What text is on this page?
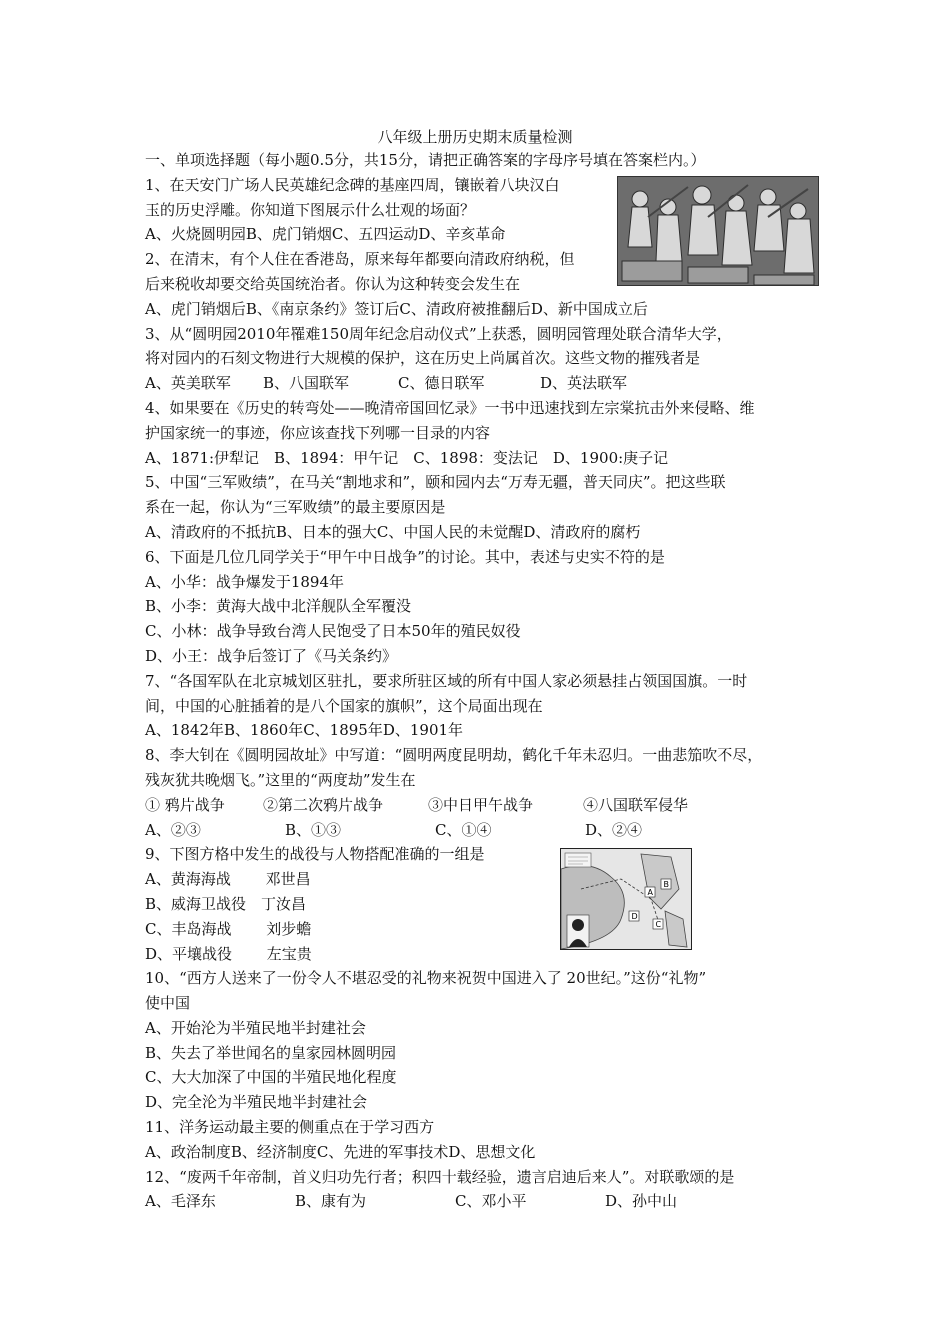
八年级上册历史期末质量检测
一、单项选择题（每小题0.5分，共15分，请把正确答案的字母序号填在答案栏内。）
1、在天安门广场人民英雄纪念碑的基座四周，镶嵌着八块汉白
玉的历史浮雕。你知道下图展示什么壮观的场面？
A、火烧圆明园B、虎门销烟C、五四运动D、辛亥革命
2、在清末，有个人住在香港岛，原来每年都要向清政府纳税，但
后来税收却要交给英国统治者。你认为这种转变会发生在
A、虎门销烟后B、《南京条约》签订后C、清政府被推翻后D、新中国成立后
3、从“圆明园2010年罹难150周年纪念启动仪式”上获悉，圆明园管理处联合清华大学，
将对园内的石刻文物进行大规模的保护，这在历史上尚属首次。这些文物的摧残者是
A、英美联军 B、八国联军	C、德日联军	D、英法联军
4、如果要在《历史的转弯处——晚清帝国回忆录》一书中迅速找到左宗棠抗击外来侵略、维
护国家统一的事迹，你应该查找下列哪一目录的内容
A、1871:伊犁记　B、1894：甲午记　C、1898：变法记　D、1900:庚子记
5、中国“三军败绩”，在马关“割地求和”，颐和园内去“万寿无疆，普天同庆”。把这些联
系在一起，你认为“三军败绩”的最主要原因是
A、清政府的不抵抗B、日本的强大C、中国人民的未觉醒D、清政府的腐朽
6、下面是几位几同学关于“甲午中日战争”的讨论。其中，表述与史实不符的是
A、小华：战争爆发于1894年
B、小李：黄海大战中北洋舰队全军覆没
C、小林：战争导致台湾人民饱受了日本50年的殖民奴役
D、小王：战争后签订了《马关条约》
7、“各国军队在北京城划区驻扎，要求所驻区域的所有中国人家必须悬挂占领国国旗。一时
间，中国的心脏插着的是八个国家的旗帜”，这个局面出现在
A、1842年B、1860年C、1895年D、1901年
8、李大钊在《圆明园故址》中写道：“圆明两度昆明劫，鹤化千年未忍归。一曲悲笳吹不尽，
残灰犹共晚烟飞。”这里的“两度劫”发生在
① 鸦片战争	②第二次鸦片战争	③中日甲午战争	④八国联军侵华
A、②③	B、①③	C、①④	D、②④
9、下图方格中发生的战役与人物搭配准确的一组是
A、黄海海战　　 邓世昌
B、威海卫战役　丁汝昌
C、丰岛海战　　 刘步蟾
D、平壤战役　　 左宝贵
10、“西方人送来了一份令人不堪忍受的礼物来祝贺中国进入了 20世纪。”这份“礼物”
使中国
A、开始沦为半殖民地半封建社会
B、失去了举世闻名的皇家园林圆明园
C、大大加深了中国的半殖民地化程度
D、完全沦为半殖民地半封建社会
11、洋务运动最主要的侧重点在于学习西方
A、政治制度B、经济制度C、先进的军事技术D、思想文化
12、“废两千年帝制，首义归功先行者；积四十载经验，遗言启迪后来人”。对联歌颂的是
A、毛泽东	B、康有为	C、邓小平	D、孙中山
A
B
C
D
